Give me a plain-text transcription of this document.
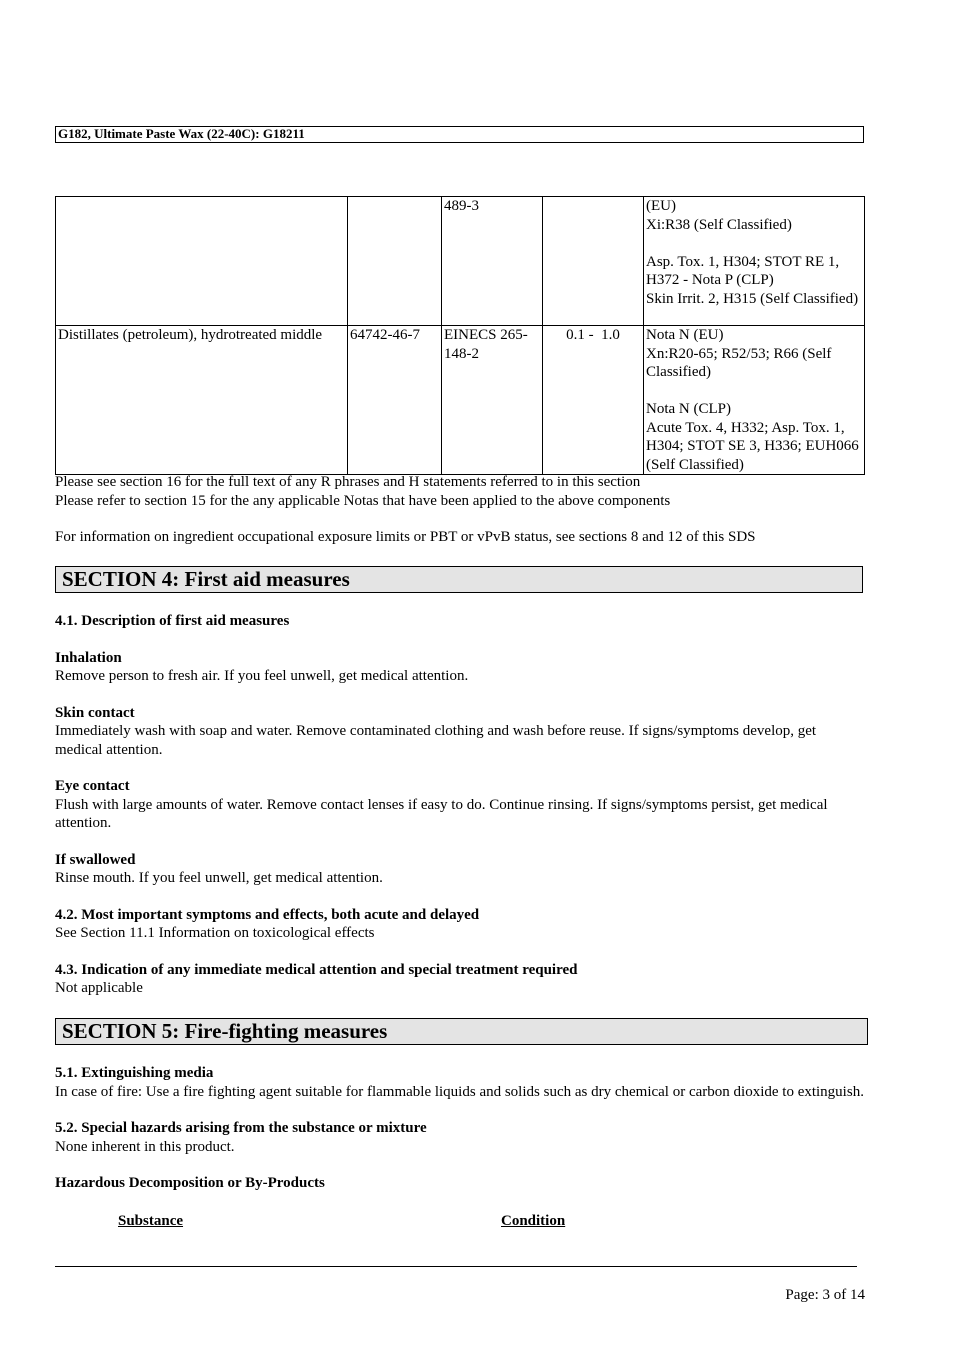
G182, Ultimate Paste Wax (22-40C): G18211
		489-3		(EU)
Xi:R38 (Self Classified)
Asp. Tox. 1, H304; STOT RE 1, H372 - Nota P (CLP)
Skin Irrit. 2, H315 (Self Classified)

Distillates (petroleum), hydrotreated middle	64742-46-7	EINECS 265-148-2	0.1 -  1.0	Nota N (EU)
Xn:R20-65; R52/53; R66 (Self Classified)
Nota N (CLP)
Acute Tox. 4, H332; Asp. Tox. 1, H304; STOT SE 3, H336; EUH066 (Self Classified)

Please see section 16 for the full text of any R phrases and H statements referred to in this section

Please refer to section 15 for the any applicable Notas that have been applied to the above components

For information on ingredient occupational exposure limits or PBT or vPvB status, see sections 8 and 12 of this SDS

SECTION 4: First aid measures

4.1. Description of first aid measures

Inhalation

Remove person to fresh air. If you feel unwell, get medical attention.

Skin contact

Immediately wash with soap and water. Remove contaminated clothing and wash before reuse. If signs/symptoms develop, get medical attention.

Eye contact

Flush with large amounts of water. Remove contact lenses if easy to do. Continue rinsing. If signs/symptoms persist, get medical attention.

If swallowed

Rinse mouth. If you feel unwell, get medical attention.

4.2. Most important symptoms and effects, both acute and delayed

See Section 11.1 Information on toxicological effects

4.3. Indication of any immediate medical attention and special treatment required

Not applicable

SECTION 5: Fire-fighting measures

5.1. Extinguishing media

In case of fire: Use a fire fighting agent suitable for flammable liquids and solids such as dry chemical or carbon dioxide to extinguish.

5.2. Special hazards arising from the substance or mixture

None inherent in this product.

Hazardous Decomposition or By-Products

Substance	Condition
Page: 3 of 14
